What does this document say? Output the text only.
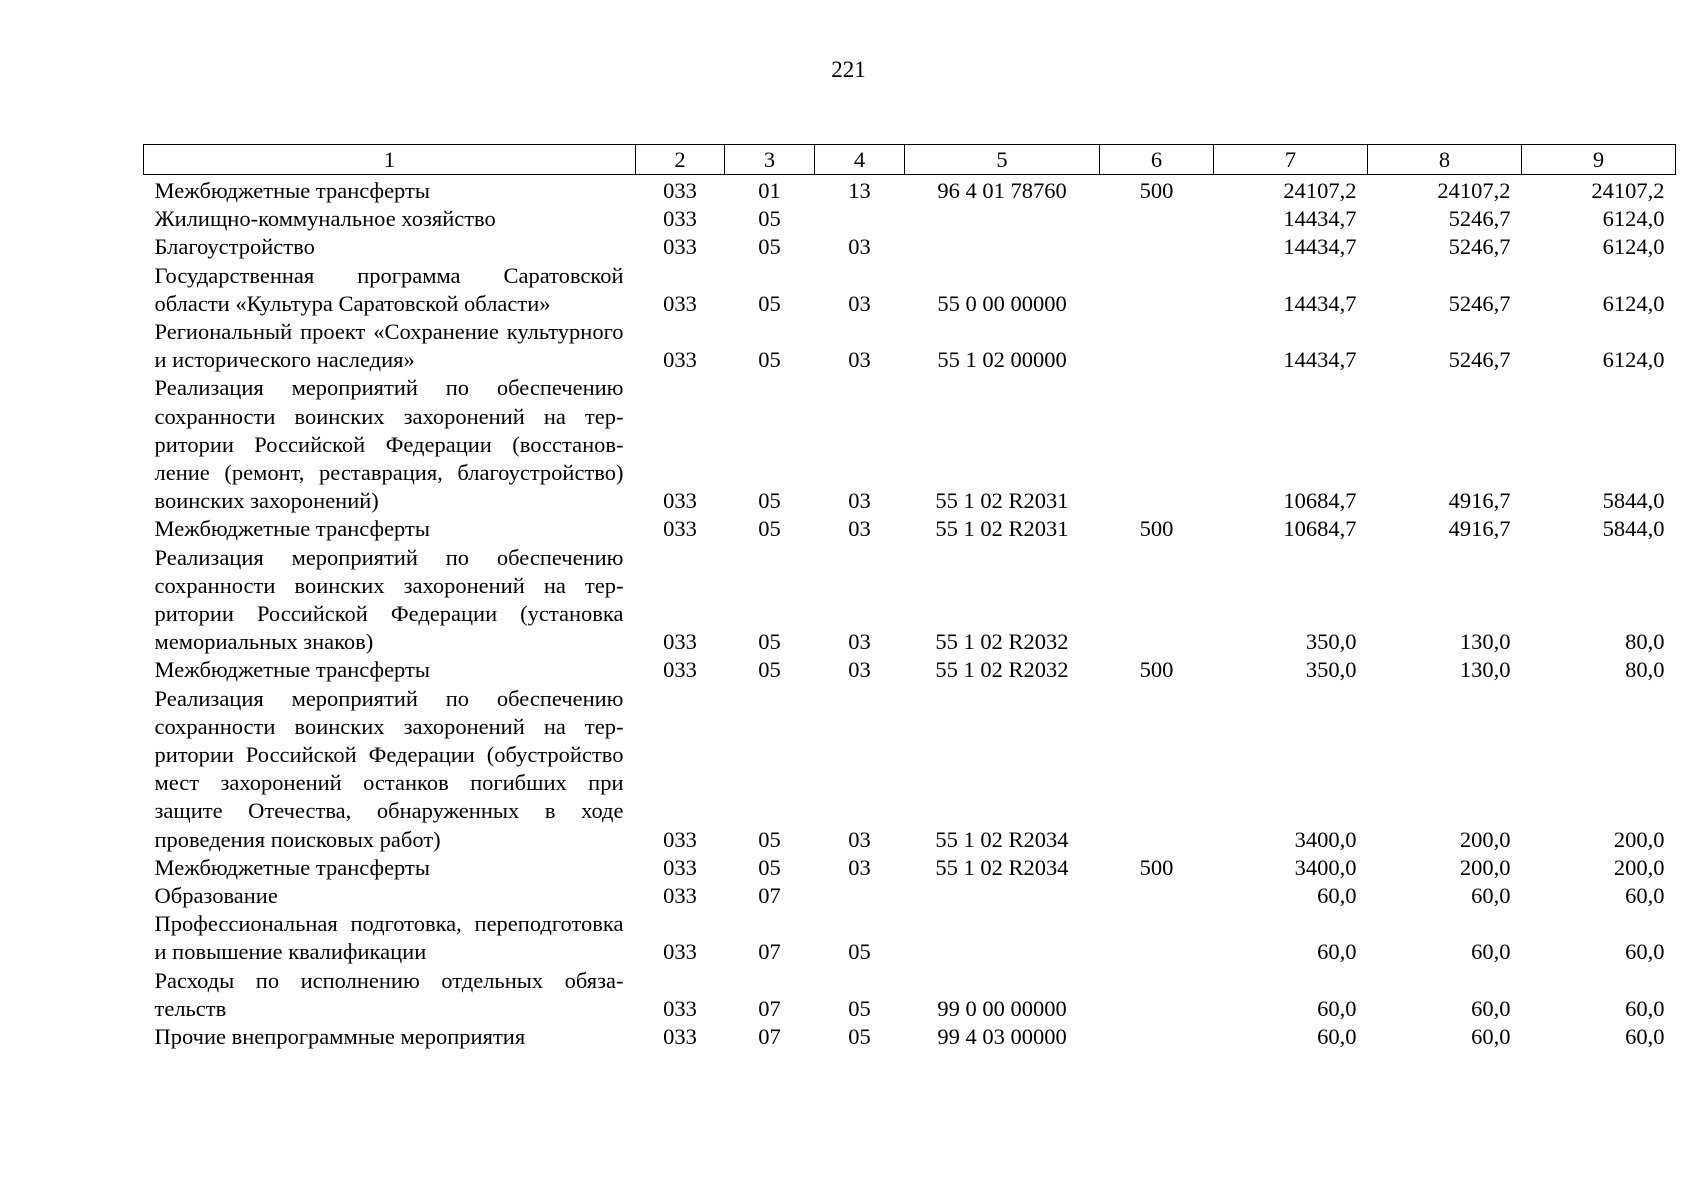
221
1	2	3	4	5	6	7	8	9
Межбюджетные трансферты	033	01	13	96 4 01 78760	500	24107,2	24107,2	24107,2
Жилищно-коммунальное хозяйство	033	05				14434,7	5246,7	6124,0
Благоустройство	033	05	03			14434,7	5246,7	6124,0
Государственная программа Саратовской области «Культура Саратовской области»	033	05	03	55 0 00 00000		14434,7	5246,7	6124,0
Региональный проект «Сохранение культурного и исторического наследия»	033	05	03	55 1 02 00000		14434,7	5246,7	6124,0
Реализация мероприятий по обеспечению сохранности воинских захоронений на территории Российской Федерации (восстановление (ремонт, реставрация, благоустройство) воинских захоронений)	033	05	03	55 1 02 R2031		10684,7	4916,7	5844,0
Межбюджетные трансферты	033	05	03	55 1 02 R2031	500	10684,7	4916,7	5844,0
Реализация мероприятий по обеспечению сохранности воинских захоронений на территории Российской Федерации (установка мемориальных знаков)	033	05	03	55 1 02 R2032		350,0	130,0	80,0
Межбюджетные трансферты	033	05	03	55 1 02 R2032	500	350,0	130,0	80,0
Реализация мероприятий по обеспечению сохранности воинских захоронений на территории Российской Федерации (обустройство мест захоронений останков погибших при защите Отечества, обнаруженных в ходе проведения поисковых работ)	033	05	03	55 1 02 R2034		3400,0	200,0	200,0
Межбюджетные трансферты	033	05	03	55 1 02 R2034	500	3400,0	200,0	200,0
Образование	033	07				60,0	60,0	60,0
Профессиональная подготовка, переподготовка и повышение квалификации	033	07	05			60,0	60,0	60,0
Расходы по исполнению отдельных обязательств	033	07	05	99 0 00 00000		60,0	60,0	60,0
Прочие внепрограммные мероприятия	033	07	05	99 4 03 00000		60,0	60,0	60,0
